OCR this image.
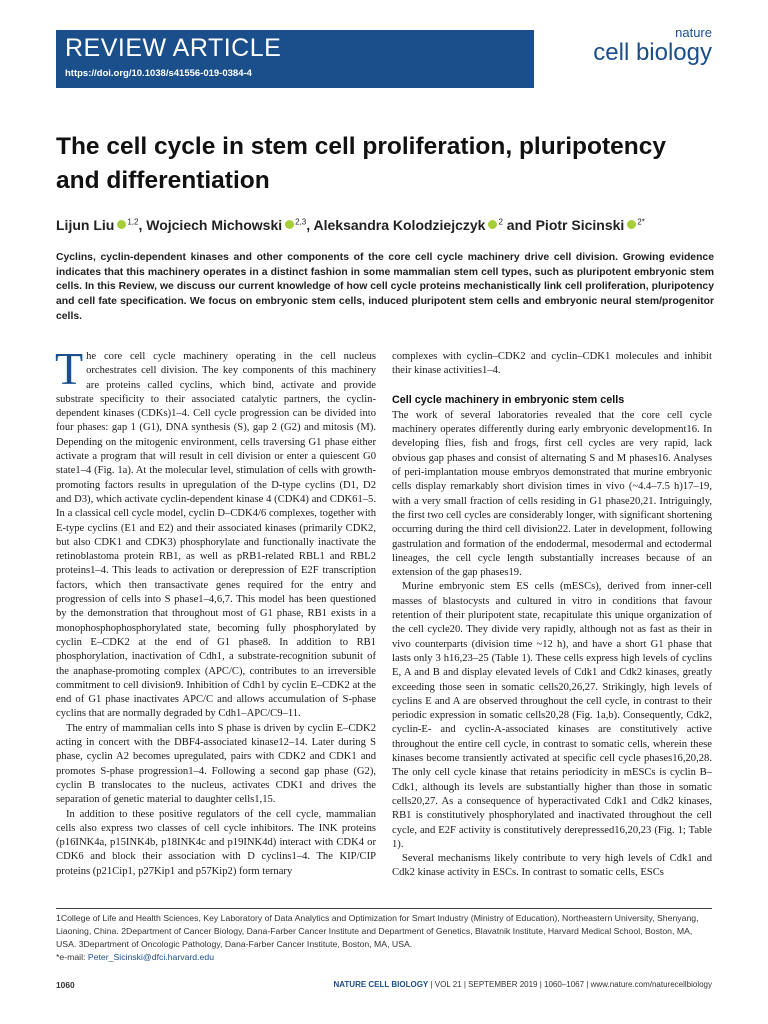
REVIEW ARTICLE
https://doi.org/10.1038/s41556-019-0384-4
nature
cell biology
The cell cycle in stem cell proliferation, pluripotency and differentiation
Lijun Liu $^{1,2}$, Wojciech Michowski $^{2,3}$, Aleksandra Kolodziejczyk $^2$ and Piotr Sicinski $^{2*}$

Cyclins, cyclin-dependent kinases and other components of the core cell cycle machinery drive cell division. Growing evidence indicates that this machinery operates in a distinct fashion in some mammalian stem cell types, such as pluripotent embryonic stem cells. In this Review, we discuss our current knowledge of how cell cycle proteins mechanistically link cell proliferation, pluripotency and cell fate specification. We focus on embryonic stem cells, induced pluripotent stem cells and embryonic neural stem/progenitor cells.

The core cell cycle machinery operating in the cell nucleus orchestrates cell division. The key components of this machinery are proteins called cyclins, which bind, activate and provide substrate specificity to their associated catalytic partners, the cyclin-dependent kinases (CDKs)1–4. Cell cycle progression can be divided into four phases: gap 1 (G1), DNA synthesis (S), gap 2 (G2) and mitosis (M). Depending on the mitogenic environment, cells traversing G1 phase either activate a program that will result in cell division or enter a quiescent G0 state1–4 (Fig. 1a). At the molecular level, stimulation of cells with growth-promoting factors results in upregulation of the D-type cyclins (D1, D2 and D3), which activate cyclin-dependent kinase 4 (CDK4) and CDK61–5. In a classical cell cycle model, cyclin D–CDK4/6 complexes, together with E-type cyclins (E1 and E2) and their associated kinases (primarily CDK2, but also CDK1 and CDK3) phosphorylate and functionally inactivate the retinoblastoma protein RB1, as well as pRB1-related RBL1 and RBL2 proteins1–4. This leads to activation or derepression of E2F transcription factors, which then transactivate genes required for the entry and progression of cells into S phase1–4,6,7. This model has been questioned by the demonstration that throughout most of G1 phase, RB1 exists in a monophosphophosphorylated state, becoming fully phosphorylated by cyclin E–CDK2 at the end of G1 phase8. In addition to RB1 phosphorylation, inactivation of Cdh1, a substrate-recognition subunit of the anaphase-promoting complex (APC/C), contributes to an irreversible commitment to cell division9. Inhibition of Cdh1 by cyclin E–CDK2 at the end of G1 phase inactivates APC/C and allows accumulation of S-phase cyclins that are normally degraded by Cdh1–APC/C9–11.

The entry of mammalian cells into S phase is driven by cyclin E–CDK2 acting in concert with the DBF4-associated kinase12–14. Later during S phase, cyclin A2 becomes upregulated, pairs with CDK2 and CDK1 and promotes S-phase progression1–4. Following a second gap phase (G2), cyclin B translocates to the nucleus, activates CDK1 and drives the separation of genetic material to daughter cells1,15.

In addition to these positive regulators of the cell cycle, mammalian cells also express two classes of cell cycle inhibitors. The INK proteins (p16INK4a, p15INK4b, p18INK4c and p19INK4d) interact with CDK4 or CDK6 and block their association with D cyclins1–4. The KIP/CIP proteins (p21Cip1, p27Kip1 and p57Kip2) form ternary

complexes with cyclin–CDK2 and cyclin–CDK1 molecules and inhibit their kinase activities1–4.

Cell cycle machinery in embryonic stem cells

The work of several laboratories revealed that the core cell cycle machinery operates differently during early embryonic development16. In developing flies, fish and frogs, first cell cycles are very rapid, lack obvious gap phases and consist of alternating S and M phases16. Analyses of peri-implantation mouse embryos demonstrated that murine embryonic cells display remarkably short division times in vivo (~4.4–7.5 h)17–19, with a very small fraction of cells residing in G1 phase20,21. Intriguingly, the first two cell cycles are considerably longer, with significant shortening occurring during the third cell division22. Later in development, following gastrulation and formation of the endodermal, mesodermal and ectodermal lineages, the cell cycle length substantially increases because of an extension of the gap phases19.

Murine embryonic stem ES cells (mESCs), derived from inner-cell masses of blastocysts and cultured in vitro in conditions that favour retention of their pluripotent state, recapitulate this unique organization of the cell cycle20. They divide very rapidly, although not as fast as their in vivo counterparts (division time ~12 h), and have a short G1 phase that lasts only 3 h16,23–25 (Table 1). These cells express high levels of cyclins E, A and B and display elevated levels of Cdk1 and Cdk2 kinases, greatly exceeding those seen in somatic cells20,26,27. Strikingly, high levels of cyclins E and A are observed throughout the cell cycle, in contrast to their periodic expression in somatic cells20,28 (Fig. 1a,b). Consequently, Cdk2, cyclin-E- and cyclin-A-associated kinases are constitutively active throughout the entire cell cycle, in contrast to somatic cells, wherein these kinases become transiently activated at specific cell cycle phases16,20,28. The only cell cycle kinase that retains periodicity in mESCs is cyclin B–Cdk1, although its levels are substantially higher than those in somatic cells20,27. As a consequence of hyperactivated Cdk1 and Cdk2 kinases, RB1 is constitutively phosphorylated and inactivated throughout the cell cycle, and E2F activity is constitutively derepressed16,20,23 (Fig. 1; Table 1).

Several mechanisms likely contribute to very high levels of Cdk1 and Cdk2 kinase activity in ESCs. In contrast to somatic cells, ESCs

1College of Life and Health Sciences, Key Laboratory of Data Analytics and Optimization for Smart Industry (Ministry of Education), Northeastern University, Shenyang, Liaoning, China. 2Department of Cancer Biology, Dana-Farber Cancer Institute and Department of Genetics, Blavatnik Institute, Harvard Medical School, Boston, MA, USA. 3Department of Oncologic Pathology, Dana-Farber Cancer Institute, Boston, MA, USA.
*e-mail: Peter_Sicinski@dfci.harvard.edu
1060	NATURE CELL BIOLOGY | VOL 21 | SEPTEMBER 2019 | 1060–1067 | www.nature.com/naturecellbiology
